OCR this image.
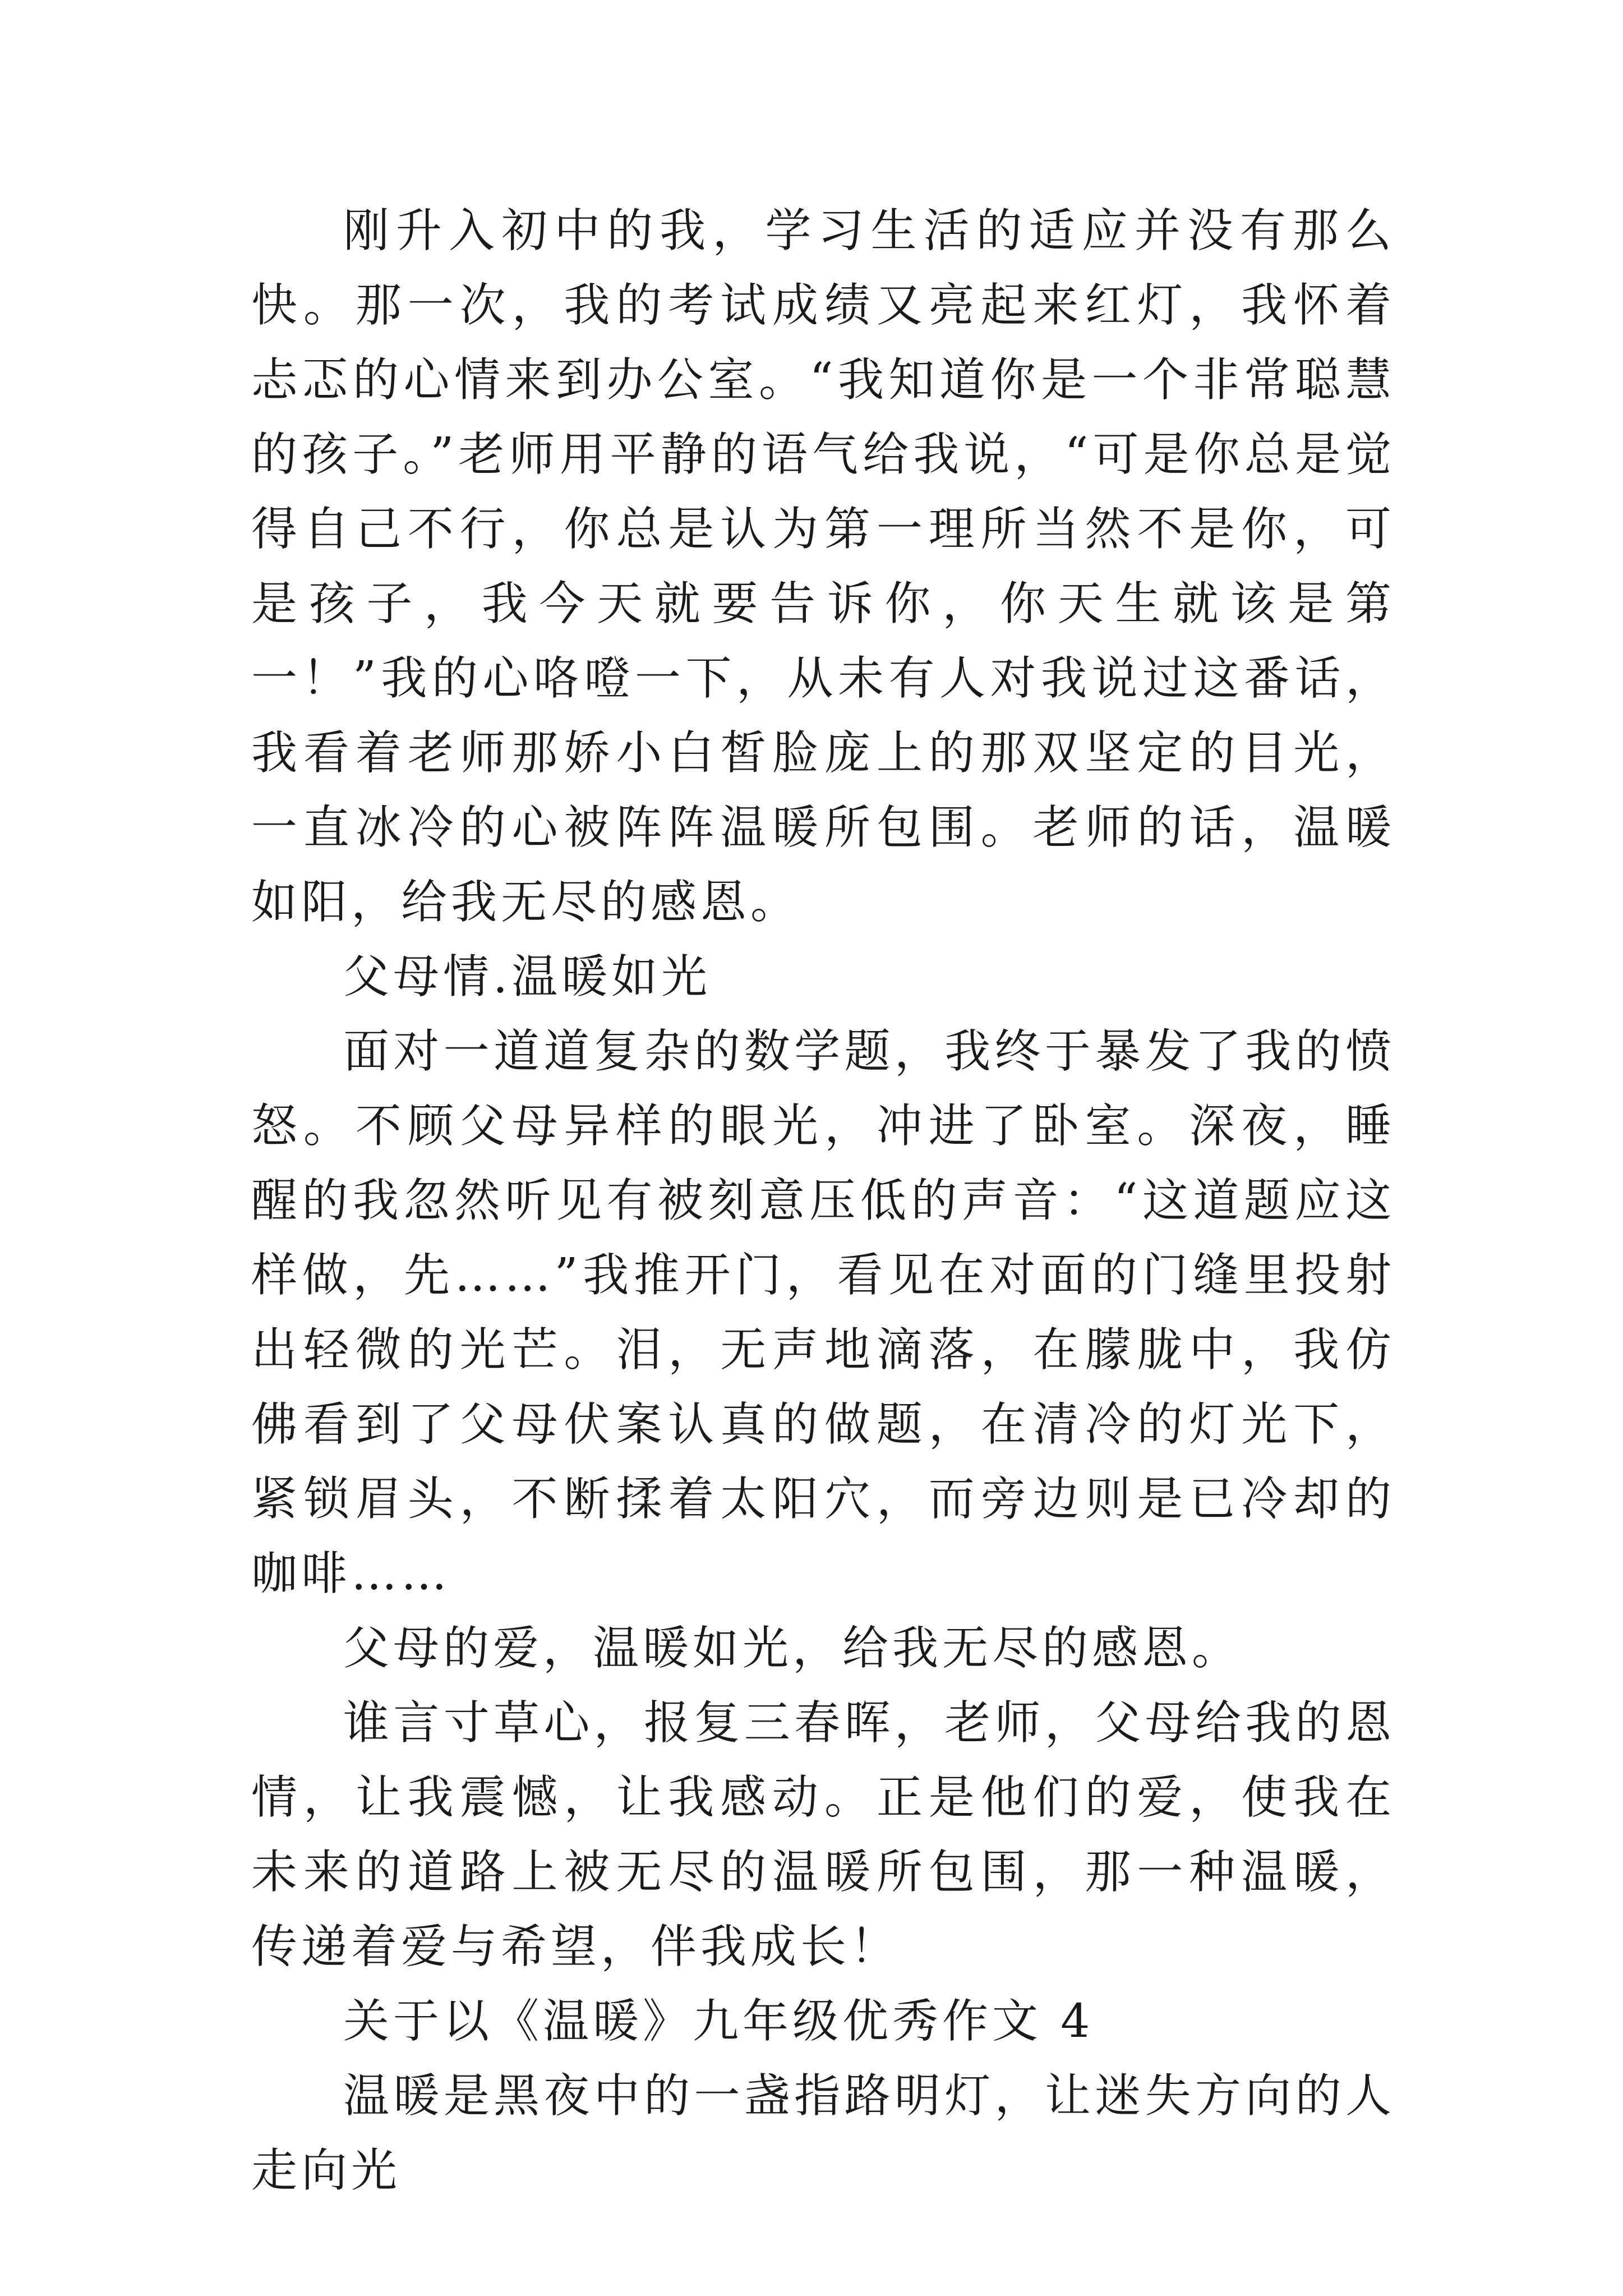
刚升入初中的我，学习生活的适应并没有那么快。那一次，我的考试成绩又亮起来红灯，我怀着忐忑的心情来到办公室。“我知道你是一个非常聪慧的孩子。”老师用平静的语气给我说，“可是你总是觉得自己不行，你总是认为第一理所当然不是你，可是孩子，我今天就要告诉你，你天生就该是第一！”我的心咯噔一下，从未有人对我说过这番话，我看着老师那娇小白皙脸庞上的那双坚定的目光，一直冰冷的心被阵阵温暖所包围。老师的话，温暖如阳，给我无尽的感恩。

父母情.温暖如光

面对一道道复杂的数学题，我终于暴发了我的愤怒。不顾父母异样的眼光，冲进了卧室。深夜，睡醒的我忽然听见有被刻意压低的声音：“这道题应这样做，先……”我推开门，看见在对面的门缝里投射出轻微的光芒。泪，无声地滴落，在朦胧中，我仿佛看到了父母伏案认真的做题，在清冷的灯光下，紧锁眉头，不断揉着太阳穴，而旁边则是已冷却的咖啡……

父母的爱，温暖如光，给我无尽的感恩。

谁言寸草心，报复三春晖，老师，父母给我的恩情，让我震憾，让我感动。正是他们的爱，使我在未来的道路上被无尽的温暖所包围，那一种温暖，传递着爱与希望，伴我成长！

关于以《温暖》九年级优秀作文 4

温暖是黑夜中的一盏指路明灯，让迷失方向的人走向光
